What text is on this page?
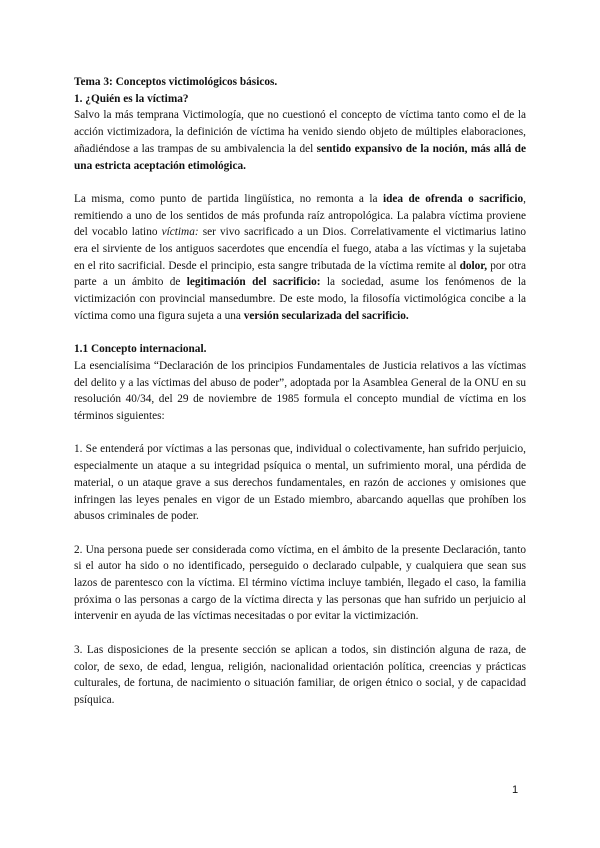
Tema 3: Conceptos victimológicos básicos.

1. ¿Quién es la víctima?

Salvo la más temprana Victimología, que no cuestionó el concepto de víctima tanto como el de la acción victimizadora, la definición de víctima ha venido siendo objeto de múltiples elaboraciones, añadiéndose a las trampas de su ambivalencia la del sentido expansivo de la noción, más allá de una estricta aceptación etimológica.

La misma, como punto de partida lingüística, no remonta a la idea de ofrenda o sacrificio, remitiendo a uno de los sentidos de más profunda raíz antropológica. La palabra víctima proviene del vocablo latino víctima: ser vivo sacrificado a un Dios. Correlativamente el victimarius latino era el sirviente de los antiguos sacerdotes que encendía el fuego, ataba a las víctimas y la sujetaba en el rito sacrificial. Desde el principio, esta sangre tributada de la víctima remite al dolor, por otra parte a un ámbito de legitimación del sacrificio: la sociedad, asume los fenómenos de la victimización con provincial mansedumbre. De este modo, la filosofía victimológica concibe a la víctima como una figura sujeta a una versión secularizada del sacrificio.

1.1 Concepto internacional.

La esencialísima “Declaración de los principios Fundamentales de Justicia relativos a las víctimas del delito y a las víctimas del abuso de poder”, adoptada por la Asamblea General de la ONU en su resolución 40/34, del 29 de noviembre de 1985 formula el concepto mundial de víctima en los términos siguientes:

1. Se entenderá por víctimas a las personas que, individual o colectivamente, han sufrido perjuicio, especialmente un ataque a su integridad psíquica o mental, un sufrimiento moral, una pérdida de material, o un ataque grave a sus derechos fundamentales, en razón de acciones y omisiones que infringen las leyes penales en vigor de un Estado miembro, abarcando aquellas que prohíben los abusos criminales de poder.

2. Una persona puede ser considerada como víctima, en el ámbito de la presente Declaración, tanto si el autor ha sido o no identificado, perseguido o declarado culpable, y cualquiera que sean sus lazos de parentesco con la víctima. El término víctima incluye también, llegado el caso, la familia próxima o las personas a cargo de la víctima directa y las personas que han sufrido un perjuicio al intervenir en ayuda de las víctimas necesitadas o por evitar la victimización.

3. Las disposiciones de la presente sección se aplican a todos, sin distinción alguna de raza, de color, de sexo, de edad, lengua, religión, nacionalidad orientación política, creencias y prácticas culturales, de fortuna, de nacimiento o situación familiar, de origen étnico o social, y de capacidad psíquica.

1
